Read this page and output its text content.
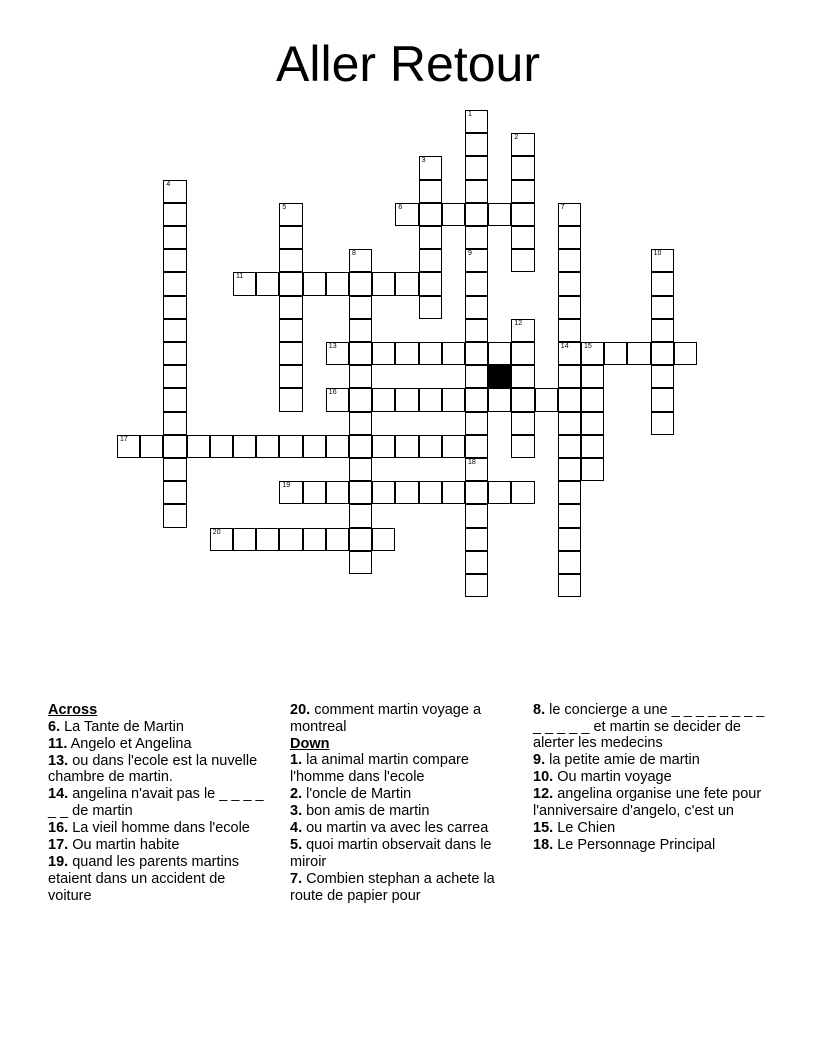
Aller Retour
1
9
2
3
4
5	6	7
14
8
18
10
11
12
13	15
16
17
19
20
Across
6. La Tante de Martin
11. Angelo et Angelina
13. ou dans l'ecole est la nuvelle chambre de martin.
14. angelina n'avait pas le _ _ _ _ _ _ de martin
16. La vieil homme dans l'ecole
17. Ou martin habite
19. quand les parents martins etaient dans un accident de voiture
20. comment martin voyage a montreal
Down
1. la animal martin compare l'homme dans l'ecole
2. l'oncle de Martin
3. bon amis de martin
4. ou martin va avec les carrea
5. quoi martin observait dans le miroir
7. Combien stephan a achete la route de papier pour
8. le concierge a une _ _ _ _ _ _ _ _ _ _ _ _ _ et martin se decider de alerter les medecins
9. la petite amie de martin
10. Ou martin voyage
12. angelina organise une fete pour l'anniversaire d'angelo, c'est un
15. Le Chien
18. Le Personnage Principal
